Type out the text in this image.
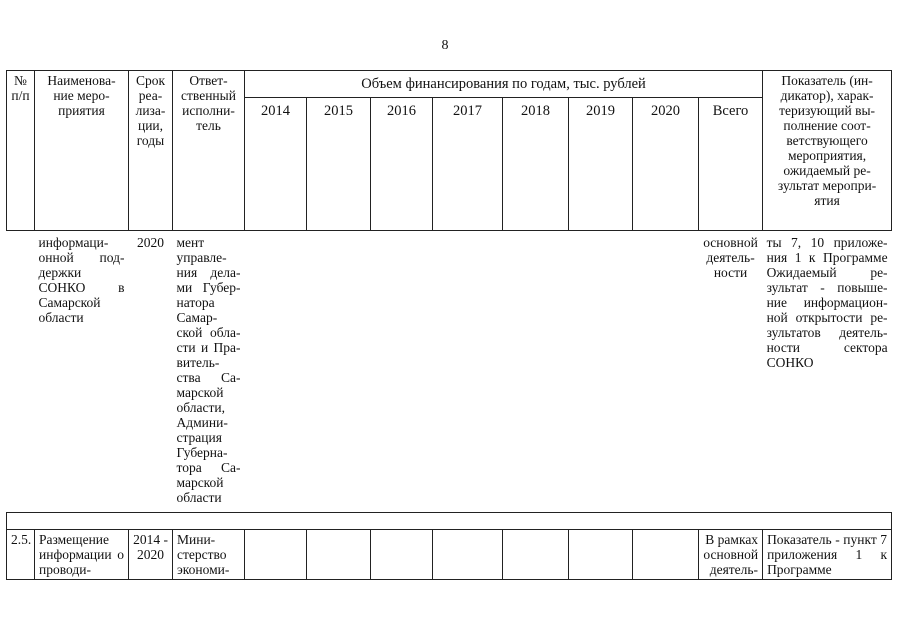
8
№ п/п	Наименова-ние меро-приятия	Срок реа-лиза-ции, годы	Ответ-ственный исполни-тель	Объем финансирования по годам, тыс. рублей								Показатель (ин-дикатор), харак-теризующий вы-полнение соот-ветствующего мероприятия, ожидаемый ре-зультат меропри-ятия
				2014	2015	2016	2017	2018	2019	2020	Всего	
	информаци-онной под-держки СОНКО в Самарской области	2020	мент управле-ния дела-ми Губер-натора Самар-ской обла-сти и Пра-витель-ства Са-марской области, Админи-страция Губерна-тора Са-марской области								основной деятель-ности	ты 7, 10 приложе-ния 1 к Программе Ожидаемый ре-зультат - повыше-ние информацион-ной открытости ре-зультатов деятель-ности сектора СОНКО

2.5.	Размещение информации о проводи-	2014 - 2020	Мини-стерство экономи-								В рамках основной деятель-	Показатель - пункт 7 приложения 1 к Программе
